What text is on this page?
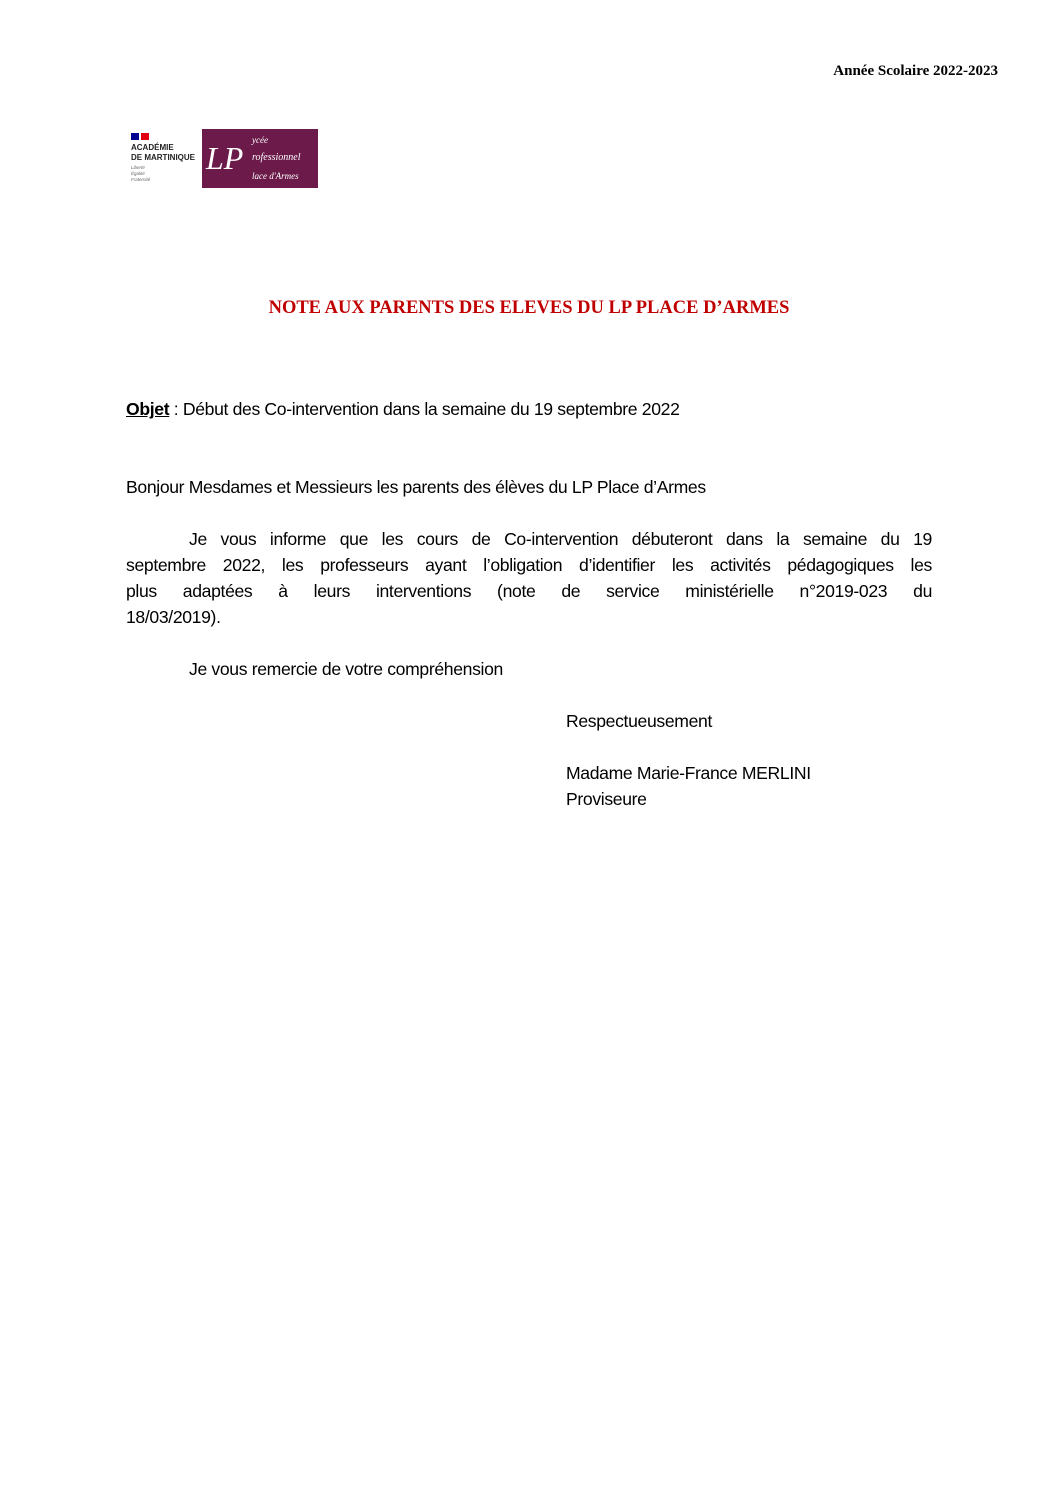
Année Scolaire 2022-2023
ACADÉMIE
DE MARTINIQUE
Liberté
Égalité
Fraternité
LP ycée
rofessionnel
lace d'Armes
NOTE AUX PARENTS DES ELEVES DU LP PLACE D’ARMES
Objet : Début des Co-intervention dans la semaine du 19 septembre 2022
Bonjour Mesdames et Messieurs les parents des élèves du LP Place d’Armes
Je vous informe que les cours de Co-intervention débuteront dans la semaine du 19
septembre 2022, les professeurs ayant l’obligation d’identifier les activités pédagogiques les
plus adaptées à leurs interventions (note de service ministérielle n°2019-023 du
18/03/2019).
Je vous remercie de votre compréhension
Respectueusement
Madame Marie-France MERLINI
Proviseure
